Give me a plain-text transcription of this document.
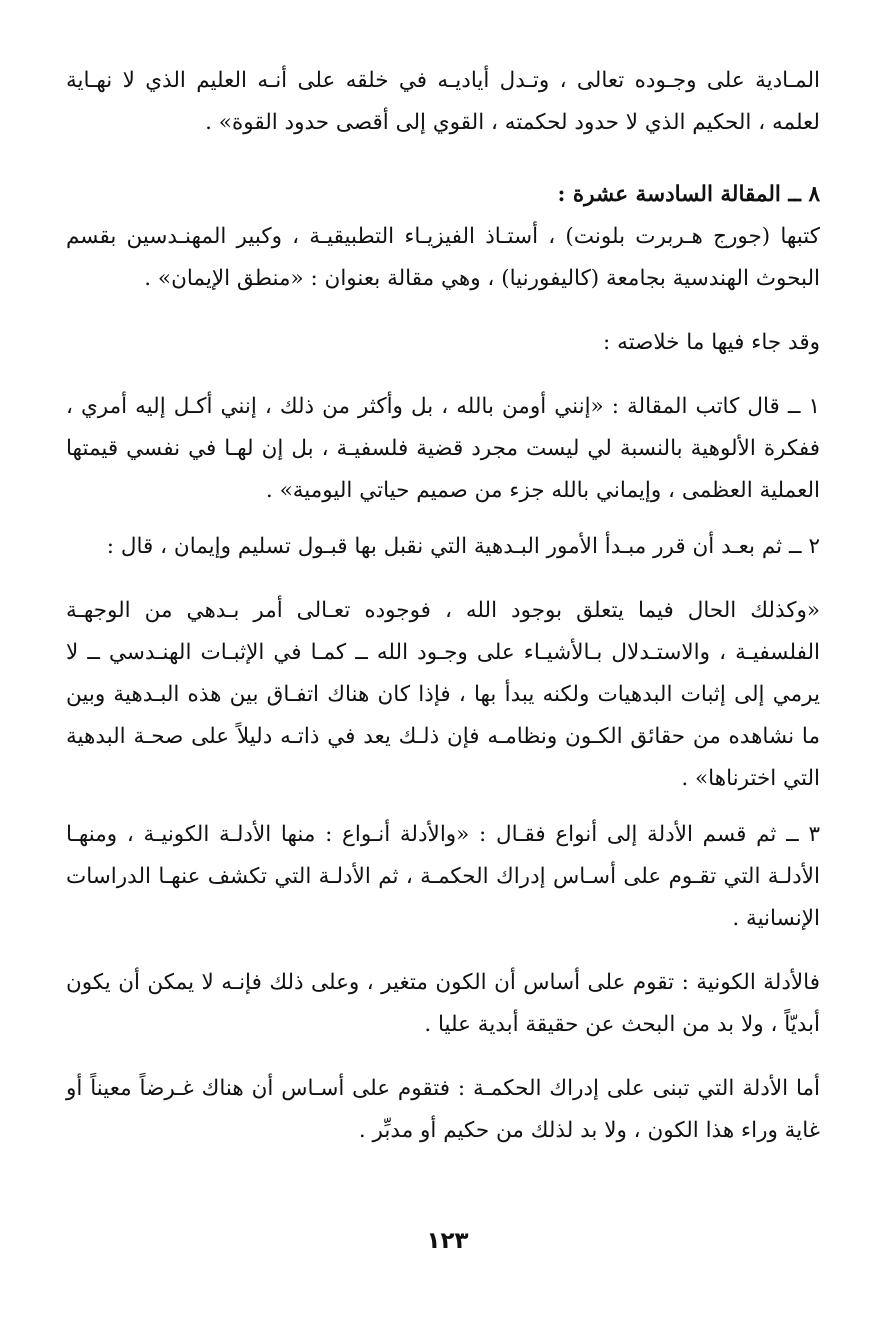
المـادية على وجـوده تعالى ، وتـدل أياديـه في خلقه على أنـه العليم الذي لا نهـاية لعلمه ، الحكيم الذي لا حدود لحكمته ، القوي إلى أقصى حدود القوة» .

٨ ــ المقالة السادسة عشرة :

كتبها (جورج هـربرت بلونت) ، أستـاذ الفيزيـاء التطبيقيـة ، وكبير المهنـدسين بقسم البحوث الهندسية بجامعة (كاليفورنيا) ، وهي مقالة بعنوان : «منطق الإيمان» .

وقد جاء فيها ما خلاصته :

١ ــ قال كاتب المقالة : «إنني أومن بالله ، بل وأكثر من ذلك ، إنني أكـل إليه أمري ، ففكرة الألوهية بالنسبة لي ليست مجرد قضية فلسفيـة ، بل إن لهـا في نفسي قيمتها العملية العظمى ، وإيماني بالله جزء من صميم حياتي اليومية» .

٢ ــ ثم بعـد أن قرر مبـدأ الأمور البـدهية التي نقبل بها قبـول تسليم وإيمان ، قال :

«وكذلك الحال فيما يتعلق بوجود الله ، فوجوده تعـالى أمر بـدهي من الوجهـة الفلسفيـة ، والاستـدلال بـالأشيـاء على وجـود الله ــ كمـا في الإثبـات الهنـدسي ــ لا يرمي إلى إثبات البدهيات ولكنه يبدأ بها ، فإذا كان هناك اتفـاق بين هذه البـدهية وبين ما نشاهده من حقائق الكـون ونظامـه فإن ذلـك يعد في ذاتـه دليلاً على صحـة البدهية التي اخترناها» .

٣ ــ ثم قسم الأدلة إلى أنواع فقـال : «والأدلة أنـواع : منها الأدلـة الكونيـة ، ومنهـا الأدلـة التي تقـوم على أسـاس إدراك الحكمـة ، ثم الأدلـة التي تكشف عنهـا الدراسات الإنسانية .

فالأدلة الكونية : تقوم على أساس أن الكون متغير ، وعلى ذلك فإنـه لا يمكن أن يكون أبديّاً ، ولا بد من البحث عن حقيقة أبدية عليا .

أما الأدلة التي تبنى على إدراك الحكمـة : فتقوم على أسـاس أن هناك غـرضاً معيناً أو غاية وراء هذا الكون ، ولا بد لذلك من حكيم أو مدبِّر .

١٢٣
